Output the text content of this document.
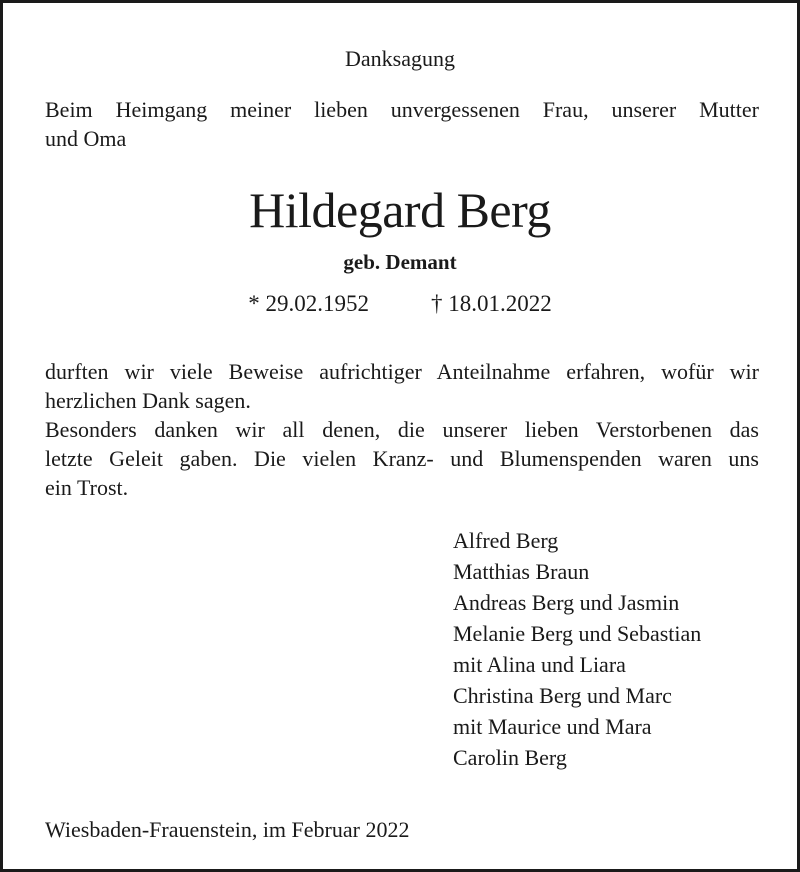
Danksagung
Beim Heimgang meiner lieben unvergessenen Frau, unserer Mutter
und Oma
Hildegard Berg
geb. Demant
* 29.02.1952	† 18.01.2022
durften wir viele Beweise aufrichtiger Anteilnahme erfahren, wofür wir
herzlichen Dank sagen.
Besonders danken wir all denen, die unserer lieben Verstorbenen das
letzte Geleit gaben. Die vielen Kranz- und Blumenspenden waren uns
ein Trost.
Alfred Berg
Matthias Braun
Andreas Berg und Jasmin
Melanie Berg und Sebastian
mit Alina und Liara
Christina Berg und Marc
mit Maurice und Mara
Carolin Berg
Wiesbaden-Frauenstein, im Februar 2022
